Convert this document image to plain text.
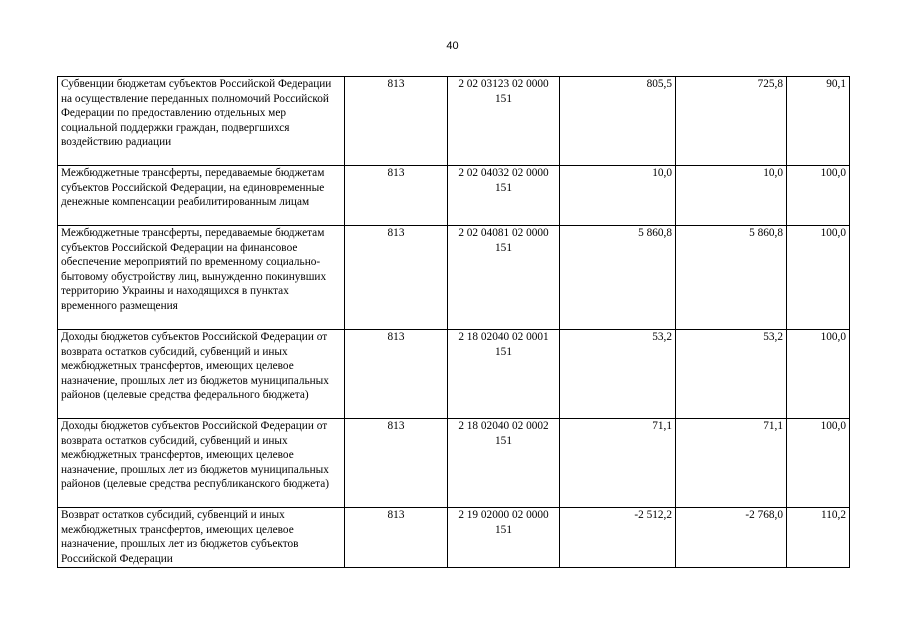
40
Субвенции бюджетам субъектов Российской Федерации на осуществление переданных полномочий Российской Федерации по предоставлению отдельных мер социальной поддержки граждан, подвергшихся воздействию радиации	813	2 02 03123 02 0000 151	805,5	725,8	90,1
Межбюджетные трансферты, передаваемые бюджетам субъектов Российской Федерации, на единовременные денежные компенсации реабилитированным лицам	813	2 02 04032 02 0000 151	10,0	10,0	100,0
Межбюджетные трансферты, передаваемые бюджетам субъектов Российской Федерации на финансовое обеспечение мероприятий по временному социально-бытовому обустройству лиц, вынужденно покинувших территорию Украины и находящихся в пунктах временного размещения	813	2 02 04081 02 0000 151	5 860,8	5 860,8	100,0
Доходы бюджетов субъектов Российской Федерации от возврата остатков субсидий, субвенций и иных межбюджетных трансфертов, имеющих целевое назначение, прошлых лет из бюджетов муниципальных районов (целевые средства федерального бюджета)	813	2 18 02040 02 0001 151	53,2	53,2	100,0
Доходы бюджетов субъектов Российской Федерации от возврата остатков субсидий, субвенций и иных межбюджетных трансфертов, имеющих целевое назначение, прошлых лет из бюджетов муниципальных районов (целевые средства республиканского бюджета)	813	2 18 02040 02 0002 151	71,1	71,1	100,0
Возврат остатков субсидий, субвенций и иных межбюджетных трансфертов, имеющих целевое назначение, прошлых лет из бюджетов субъектов Российской Федерации	813	2 19 02000 02 0000 151	-2 512,2	-2 768,0	110,2
